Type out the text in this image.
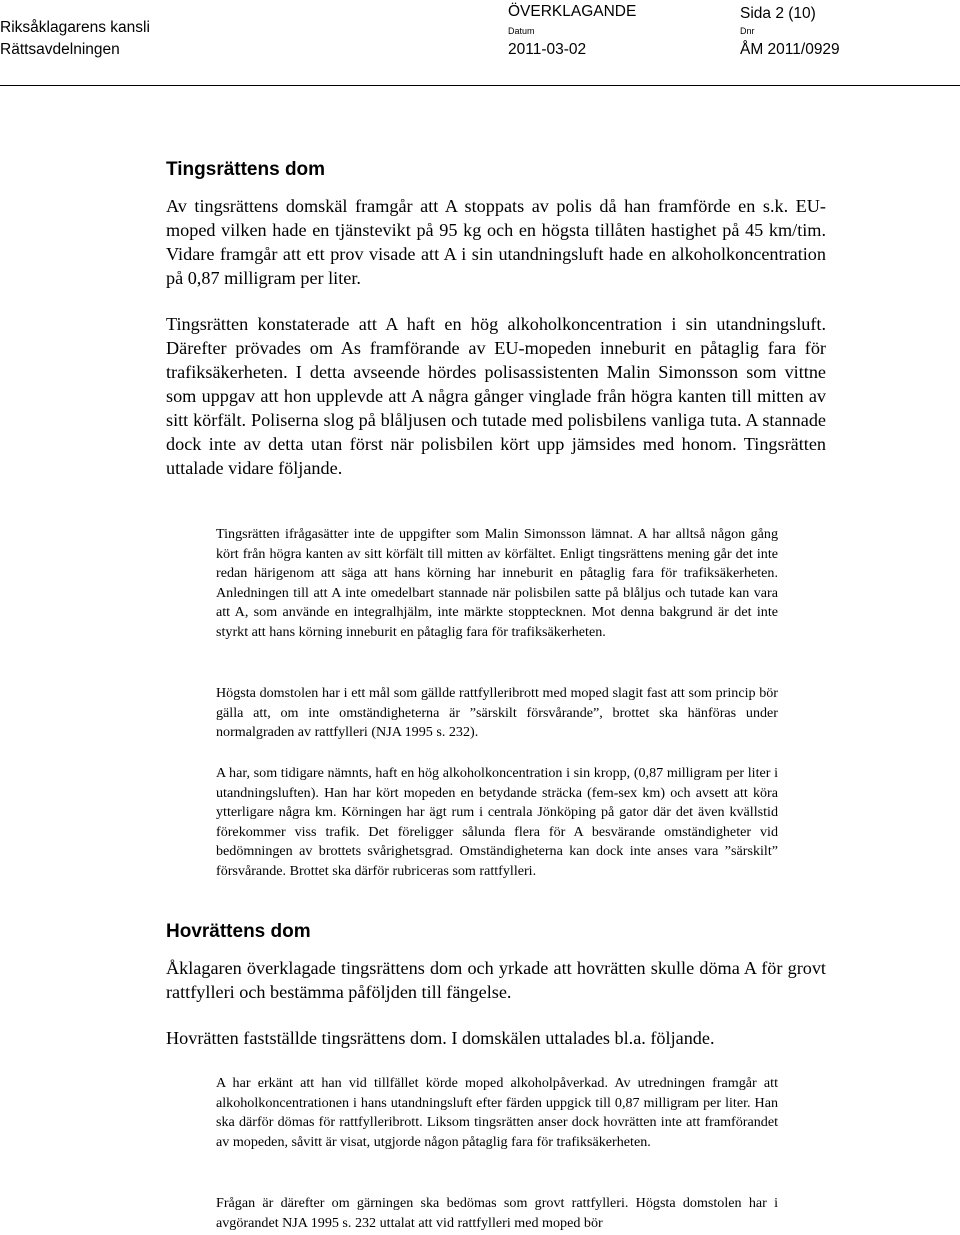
Riksåklagarens kansli
Rättsavdelningen
ÖVERKLAGANDE	Sida 2 (10)
Datum
2011-03-02
Dnr
ÅM 2011/0929
Tingsrättens dom

Av tingsrättens domskäl framgår att A stoppats av polis då han framförde en s.k. EU-moped vilken hade en tjänstevikt på 95 kg och en högsta tillåten hastighet på 45 km/tim. Vidare framgår att ett prov visade att A i sin utandningsluft hade en alkoholkoncentration på 0,87 milligram per liter.

Tingsrätten konstaterade att A haft en hög alkoholkoncentration i sin utandningsluft. Därefter prövades om As framförande av EU-mopeden inneburit en påtaglig fara för trafiksäkerheten. I detta avseende hördes polisassistenten Malin Simonsson som vittne som uppgav att hon upplevde att A några gånger vinglade från högra kanten till mitten av sitt körfält. Poliserna slog på blåljusen och tutade med polisbilens vanliga tuta. A stannade dock inte av detta utan först när polisbilen kört upp jämsides med honom. Tingsrätten uttalade vidare följande.

Tingsrätten ifrågasätter inte de uppgifter som Malin Simonsson lämnat. A har alltså någon gång kört från högra kanten av sitt körfält till mitten av körfältet. Enligt tingsrättens mening går det inte redan härigenom att säga att hans körning har inneburit en påtaglig fara för trafiksäkerheten. Anledningen till att A inte omedelbart stannade när polisbilen satte på blåljus och tutade kan vara att A, som använde en integralhjälm, inte märkte stopptecknen. Mot denna bakgrund är det inte styrkt att hans körning inneburit en påtaglig fara för trafiksäkerheten.

Högsta domstolen har i ett mål som gällde rattfylleribrott med moped slagit fast att som princip bör gälla att, om inte omständigheterna är ”särskilt försvårande”, brottet ska hänföras under normalgraden av rattfylleri (NJA 1995 s. 232).

A har, som tidigare nämnts, haft en hög alkoholkoncentration i sin kropp, (0,87 milligram per liter i utandningsluften). Han har kört mopeden en betydande sträcka (fem-sex km) och avsett att köra ytterligare några km. Körningen har ägt rum i centrala Jönköping på gator där det även kvällstid förekommer viss trafik. Det föreligger sålunda flera för A besvärande omständigheter vid bedömningen av brottets svårighetsgrad. Omständigheterna kan dock inte anses vara ”särskilt” försvårande. Brottet ska därför rubriceras som rattfylleri.

Hovrättens dom

Åklagaren överklagade tingsrättens dom och yrkade att hovrätten skulle döma A för grovt rattfylleri och bestämma påföljden till fängelse.

Hovrätten fastställde tingsrättens dom. I domskälen uttalades bl.a. följande.

A har erkänt att han vid tillfället körde moped alkoholpåverkad. Av utredningen framgår att alkoholkoncentrationen i hans utandningsluft efter färden uppgick till 0,87 milligram per liter. Han ska därför dömas för rattfylleribrott. Liksom tingsrätten anser dock hovrätten inte att framförandet av mopeden, såvitt är visat, utgjorde någon påtaglig fara för trafiksäkerheten.

Frågan är därefter om gärningen ska bedömas som grovt rattfylleri. Högsta domstolen har i avgörandet NJA 1995 s. 232 uttalat att vid rattfylleri med moped bör
